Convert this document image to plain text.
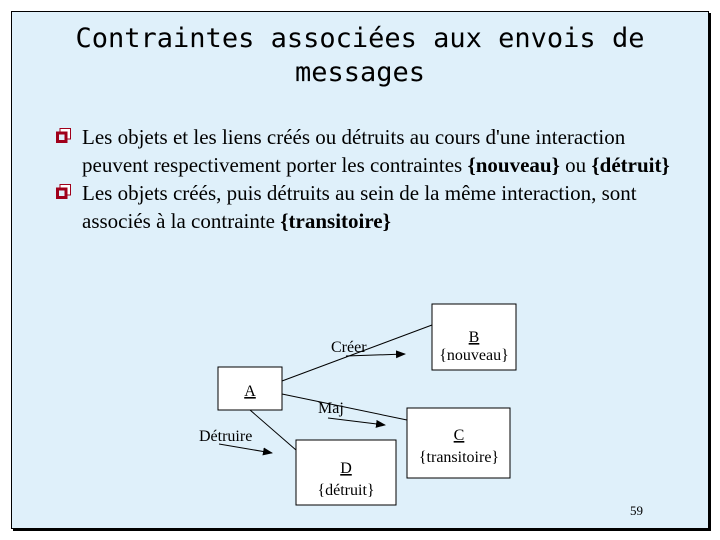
Contraintes associées aux envois de
messages
Les objets et les liens créés ou détruits au cours d'une interaction peuvent respectivement porter les contraintes {nouveau} ou {détruit}
Les objets créés, puis détruits au sein de la même interaction, sont associés à la contrainte {transitoire}
A
B
{nouveau}
C
{transitoire}
D
{détruit}
Créer
Maj
Détruire
59
